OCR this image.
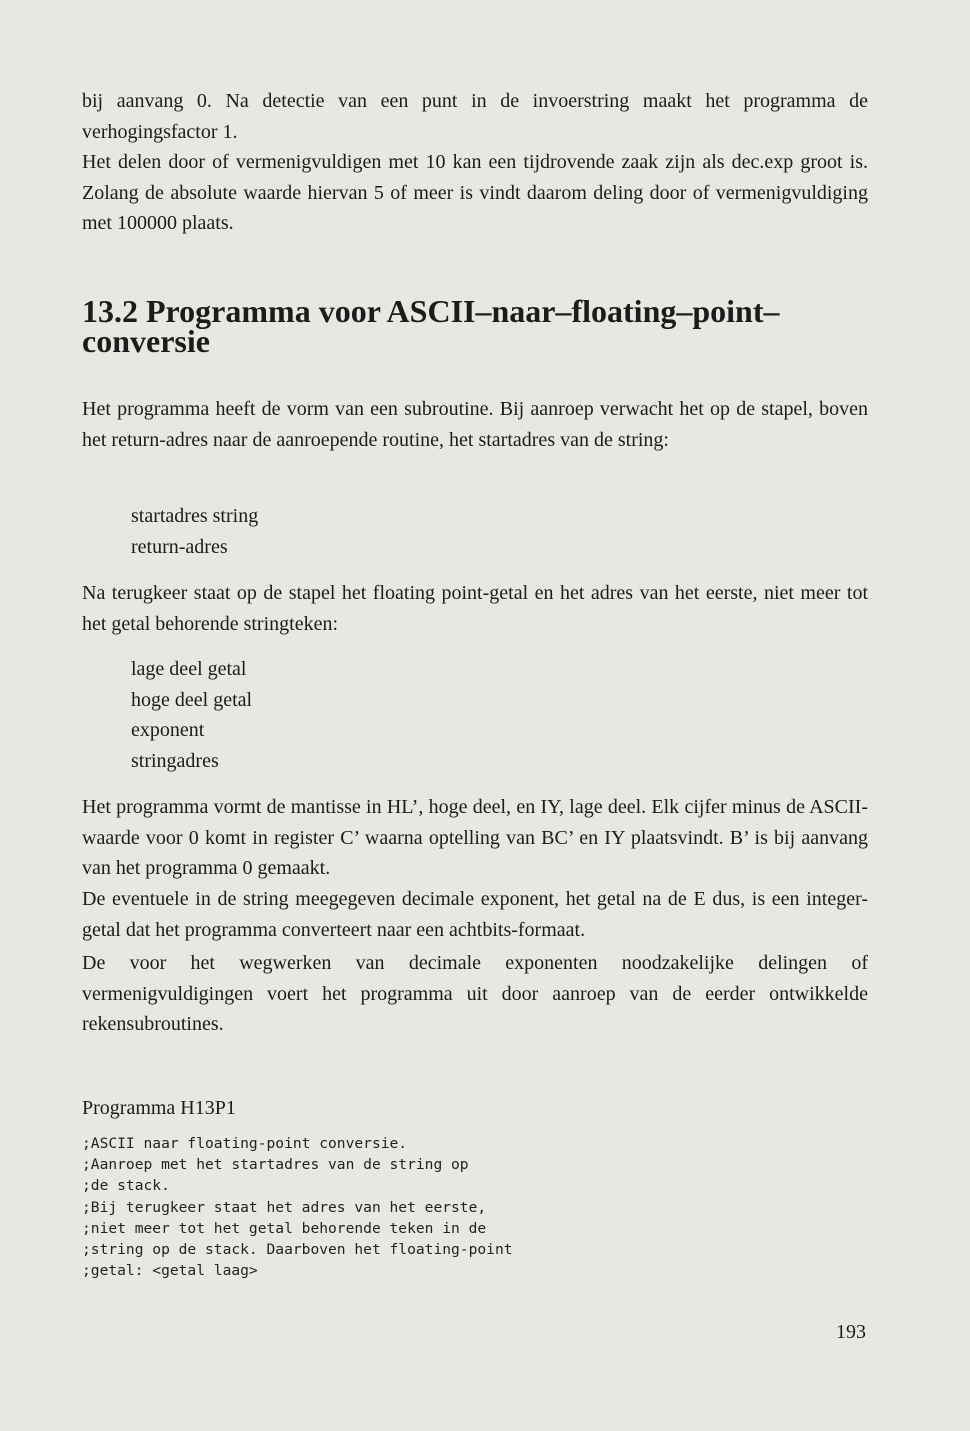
bij aanvang 0. Na detectie van een punt in de invoerstring maakt het programma de verhogingsfactor 1.

Het delen door of vermenigvuldigen met 10 kan een tijdrovende zaak zijn als dec.exp groot is. Zolang de absolute waarde hiervan 5 of meer is vindt daarom deling door of vermenigvuldiging met 100000 plaats.

13.2 Programma voor ASCII–naar–floating–point– conversie

Het programma heeft de vorm van een subroutine. Bij aanroep verwacht het op de stapel, boven het return-adres naar de aanroepende routine, het startadres van de string:

startadres string
return-adres

Na terugkeer staat op de stapel het floating point-getal en het adres van het eerste, niet meer tot het getal behorende stringteken:

lage deel getal
hoge deel getal
exponent
stringadres

Het programma vormt de mantisse in HL’, hoge deel, en IY, lage deel. Elk cijfer minus de ASCII-waarde voor 0 komt in register C’ waarna optelling van BC’ en IY plaatsvindt. B’ is bij aanvang van het programma 0 gemaakt.

De eventuele in de string meegegeven decimale exponent, het getal na de E dus, is een integer-getal dat het programma converteert naar een achtbits-formaat.

De voor het wegwerken van decimale exponenten noodzakelijke delingen of vermenigvuldigingen voert het programma uit door aanroep van de eerder ontwikkelde rekensubroutines.

Programma H13P1

;ASCII naar floating-point conversie.
;Aanroep met het startadres van de string op
;de stack.
;Bij terugkeer staat het adres van het eerste,
;niet meer tot het getal behorende teken in de
;string op de stack. Daarboven het floating-point
;getal: <getal laag>
193
